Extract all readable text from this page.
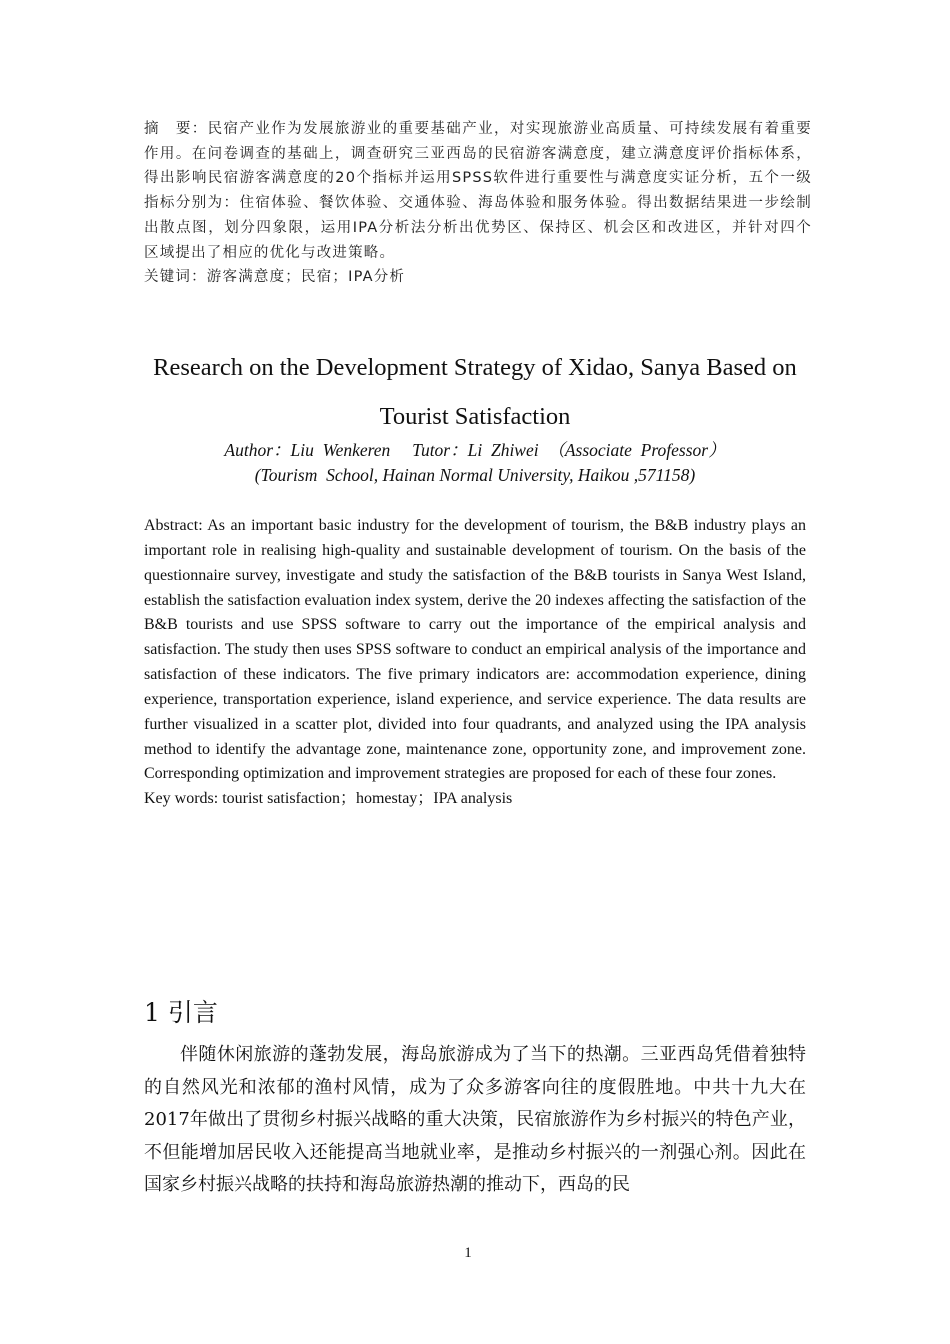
摘　要：民宿产业作为发展旅游业的重要基础产业，对实现旅游业高质量、可持续发展有着重要作用。在问卷调查的基础上，调查研究三亚西岛的民宿游客满意度，建立满意度评价指标体系，得出影响民宿游客满意度的20个指标并运用SPSS软件进行重要性与满意度实证分析，五个一级指标分别为：住宿体验、餐饮体验、交通体验、海岛体验和服务体验。得出数据结果进一步绘制出散点图，划分四象限，运用IPA分析法分析出优势区、保持区、机会区和改进区，并针对四个区域提出了相应的优化与改进策略。

关键词：游客满意度；民宿；IPA分析

Research on the Development Strategy of Xidao, Sanya Based on Tourist Satisfaction
Author：Liu  Wenkeren     Tutor：Li  Zhiwei  （Associate  Professor）
(Tourism  School, Hainan Normal University, Haikou ,571158)

Abstract: As an important basic industry for the development of tourism, the B&B industry plays an important role in realising high-quality and sustainable development of tourism. On the basis of the questionnaire survey, investigate and study the satisfaction of the B&B tourists in Sanya West Island, establish the satisfaction evaluation index system, derive the 20 indexes affecting the satisfaction of the B&B tourists and use SPSS software to carry out the importance of the empirical analysis and satisfaction. The study then uses SPSS software to conduct an empirical analysis of the importance and satisfaction of these indicators. The five primary indicators are: accommodation experience, dining experience, transportation experience, island experience, and service experience. The data results are further visualized in a scatter plot, divided into four quadrants, and analyzed using the IPA analysis method to identify the advantage zone, maintenance zone, opportunity zone, and improvement zone. Corresponding optimization and improvement strategies are proposed for each of these four zones.

Key words: tourist satisfaction；homestay；IPA analysis

1 引言

伴随休闲旅游的蓬勃发展，海岛旅游成为了当下的热潮。三亚西岛凭借着独特的自然风光和浓郁的渔村风情，成为了众多游客向往的度假胜地。中共十九大在2017年做出了贯彻乡村振兴战略的重大决策，民宿旅游作为乡村振兴的特色产业，不但能增加居民收入还能提高当地就业率，是推动乡村振兴的一剂强心剂。因此在国家乡村振兴战略的扶持和海岛旅游热潮的推动下，西岛的民

1
